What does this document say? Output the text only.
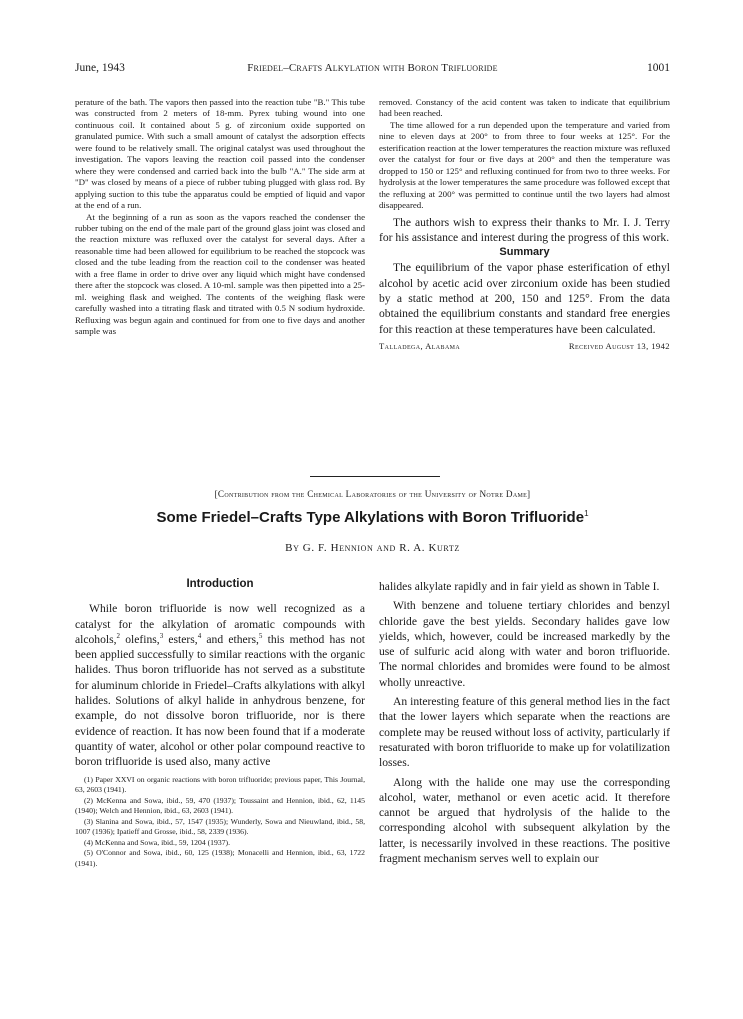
June, 1943	Friedel–Crafts Alkylation with Boron Trifluoride	1001

perature of the bath. The vapors then passed into the reaction tube "B." This tube was constructed from 2 meters of 18-mm. Pyrex tubing wound into one continuous coil. It contained about 5 g. of zirconium oxide supported on granulated pumice. With such a small amount of catalyst the adsorption effects were found to be relatively small. The original catalyst was used throughout the investigation. The vapors leaving the reaction coil passed into the condenser where they were condensed and carried back into the bulb "A." The side arm at "D" was closed by means of a piece of rubber tubing plugged with glass rod. By applying suction to this tube the apparatus could be emptied of liquid and vapor at the end of a run.

At the beginning of a run as soon as the vapors reached the condenser the rubber tubing on the end of the male part of the ground glass joint was closed and the reaction mixture was refluxed over the catalyst for several days. After a reasonable time had been allowed for equilibrium to be reached the stopcock was closed and the tube leading from the reaction coil to the condenser was heated with a free flame in order to drive over any liquid which might have condensed there after the stopcock was closed. A 10-ml. sample was then pipetted into a 25-ml. weighing flask and weighed. The contents of the weighing flask were carefully washed into a titrating flask and titrated with 0.5 N sodium hydroxide. Refluxing was begun again and continued for from one to five days and another sample was

removed. Constancy of the acid content was taken to indicate that equilibrium had been reached.

The time allowed for a run depended upon the temperature and varied from nine to eleven days at 200° to from three to four weeks at 125°. For the esterification reaction at the lower temperatures the reaction mixture was refluxed over the catalyst for four or five days at 200° and then the temperature was dropped to 150 or 125° and refluxing continued for from two to three weeks. For hydrolysis at the lower temperatures the same procedure was followed except that the refluxing at 200° was permitted to continue until the two layers had almost disappeared.

The authors wish to express their thanks to Mr. I. J. Terry for his assistance and interest during the progress of this work.

Summary

The equilibrium of the vapor phase esterification of ethyl alcohol by acetic acid over zirconium oxide has been studied by a static method at 200, 150 and 125°. From the data obtained the equilibrium constants and standard free energies for this reaction at these temperatures have been calculated.

Talladega, Alabama	Received August 13, 1942
[Contribution from the Chemical Laboratories of the University of Notre Dame]
Some Friedel–Crafts Type Alkylations with Boron Trifluoride$^1$
By G. F. Hennion and R. A. Kurtz

Introduction

While boron trifluoride is now well recognized as a catalyst for the alkylation of aromatic compounds with alcohols,$^2$ olefins,$^3$ esters,$^4$ and ethers,$^5$ this method has not been applied successfully to similar reactions with the organic halides. Thus boron trifluoride has not served as a substitute for aluminum chloride in Friedel–Crafts alkylations with alkyl halides. Solutions of alkyl halide in anhydrous benzene, for example, do not dissolve boron trifluoride, nor is there evidence of reaction. It has now been found that if a moderate quantity of water, alcohol or other polar compound reactive to boron trifluoride is used also, many active

(1) Paper XXVI on organic reactions with boron trifluoride; previous paper, This Journal, 63, 2603 (1941).

(2) McKenna and Sowa, ibid., 59, 470 (1937); Toussaint and Hennion, ibid., 62, 1145 (1940); Welch and Hennion, ibid., 63, 2603 (1941).

(3) Slanina and Sowa, ibid., 57, 1547 (1935); Wunderly, Sowa and Nieuwland, ibid., 58, 1007 (1936); Ipatieff and Grosse, ibid., 58, 2339 (1936).

(4) McKenna and Sowa, ibid., 59, 1204 (1937).

(5) O'Connor and Sowa, ibid., 60, 125 (1938); Monacelli and Hennion, ibid., 63, 1722 (1941).

halides alkylate rapidly and in fair yield as shown in Table I.

With benzene and toluene tertiary chlorides and benzyl chloride gave the best yields. Secondary halides gave low yields, which, however, could be increased markedly by the use of sulfuric acid along with water and boron trifluoride. The normal chlorides and bromides were found to be almost wholly unreactive.

An interesting feature of this general method lies in the fact that the lower layers which separate when the reactions are complete may be reused without loss of activity, particularly if resaturated with boron trifluoride to make up for volatilization losses.

Along with the halide one may use the corresponding alcohol, water, methanol or even acetic acid. It therefore cannot be argued that hydrolysis of the halide to the corresponding alcohol with subsequent alkylation by the latter, is necessarily involved in these reactions. The positive fragment mechanism serves well to explain our
